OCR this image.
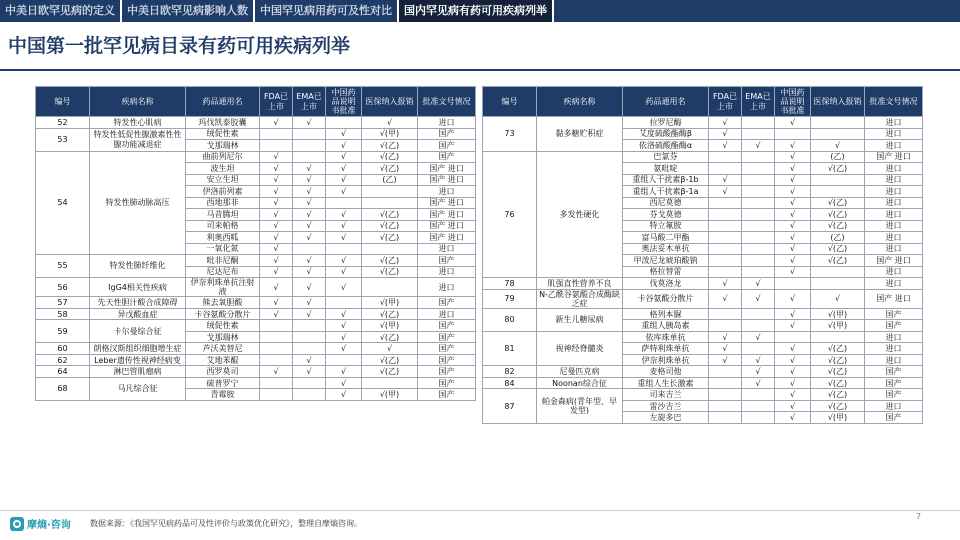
中美日欧罕见病的定义	中美日欧罕见病影响人数	中国罕见病用药可及性对比	国内罕见病有药可用疾病列举
中国第一批罕见病目录有药可用疾病列举
编号	疾病名称	药品通用名	FDA已上市	EMA已上市	中国药品说明书批准	医保纳入报销	批准文号情况
52	特发性心肌病	玛伐凯泰胶囊	√	√		√	进口
53	特发性低促性腺激素性性腺功能减退症	绒促性素			√	√(甲)	国产
		戈那瑞林			√	√(乙)	国产
54	特发性肺动脉高压	曲前列尼尔	√		√	√(乙)	国产
		波生坦	√	√	√	√(乙)	国产 进口
		安立生坦	√	√	√	(乙)	国产 进口
		伊洛前列素	√	√	√		进口
		西地那非	√	√			国产 进口
		马昔腾坦	√	√	√	√(乙)	国产 进口
		司来帕格	√	√	√	√(乙)	国产 进口
		利奥西呱	√	√	√	√(乙)	国产 进口
		一氧化氮	√				进口
55	特发性肺纤维化	吡非尼酮	√	√	√	√(乙)	国产
		尼达尼布	√	√	√	√(乙)	进口
56	IgG4相关性疾病	伊奈利珠单抗注射液	√	√	√		进口
57	先天性胆汁酸合成障碍	熊去氧胆酸	√	√		√(甲)	国产
58	异戊酸血症	卡谷氨酸分散片	√	√	√	√(乙)	进口
59	卡尔曼综合征	绒促性素			√	√(甲)	国产
		戈那瑞林			√	√(乙)	国产
60	朗格汉斯组织细胞增生症	芦沃美替尼			√	√	国产
62	Leber遗传性视神经病变	艾地苯醌		√		√(乙)	国产
64	淋巴管肌瘤病	西罗莫司	√	√	√	√(乙)	国产
68	马凡综合征	硫普罗宁			√		国产
		青霉胺			√	√(甲)	国产
编号	疾病名称	药品通用名	FDA已上市	EMA已上市	中国药品说明书批准	医保纳入报销	批准文号情况
73	黏多糖贮积症	拉罗尼酶	√		√		进口
		艾度硫酸酯酶β	√				进口
		依洛硫酸酯酶α	√	√	√	√	进口
76	多发性硬化	巴氯芬			√	(乙)	国产 进口
		氨吡啶			√	√(乙)	进口
		重组人干扰素β-1b	√		√		进口
		重组人干扰素β-1a	√		√		进口
		西尼莫德			√	√(乙)	进口
		芬戈莫德			√	√(乙)	进口
		特立氟胺			√	√(乙)	进口
		富马酸二甲酯			√	(乙)	进口
		奥法妥木单抗			√	√(乙)	进口
		甲泼尼龙琥珀酸钠			√	√(乙)	国产 进口
		格拉替雷			√		进口
78	肌强直性营养不良	伐莫洛龙	√	√			进口
79	N-乙酰谷氨酸合成酶缺乏症	卡谷氨酸分散片	√	√	√	√	国产 进口
80	新生儿糖尿病	格列本脲			√	√(甲)	国产
		重组人胰岛素			√	√(甲)	国产
81	视神经脊髓炎	依库珠单抗	√	√			进口
		萨特利珠单抗	√		√	√(乙)	进口
		伊奈利珠单抗	√	√	√	√(乙)	进口
82	尼曼匹克病	麦格司他		√	√	√(乙)	国产
84	Noonan综合征	重组人生长激素		√	√	√(乙)	国产
87	帕金森病(青年型、早发型)	司来吉兰			√	√(乙)	国产
		雷沙吉兰			√	√(乙)	进口
		左旋多巴			√	√(甲)	国产
摩熵·咨询 数据来源：《我国罕见病药品可及性评价与政策优化研究》，整理自摩熵咨询。
7
